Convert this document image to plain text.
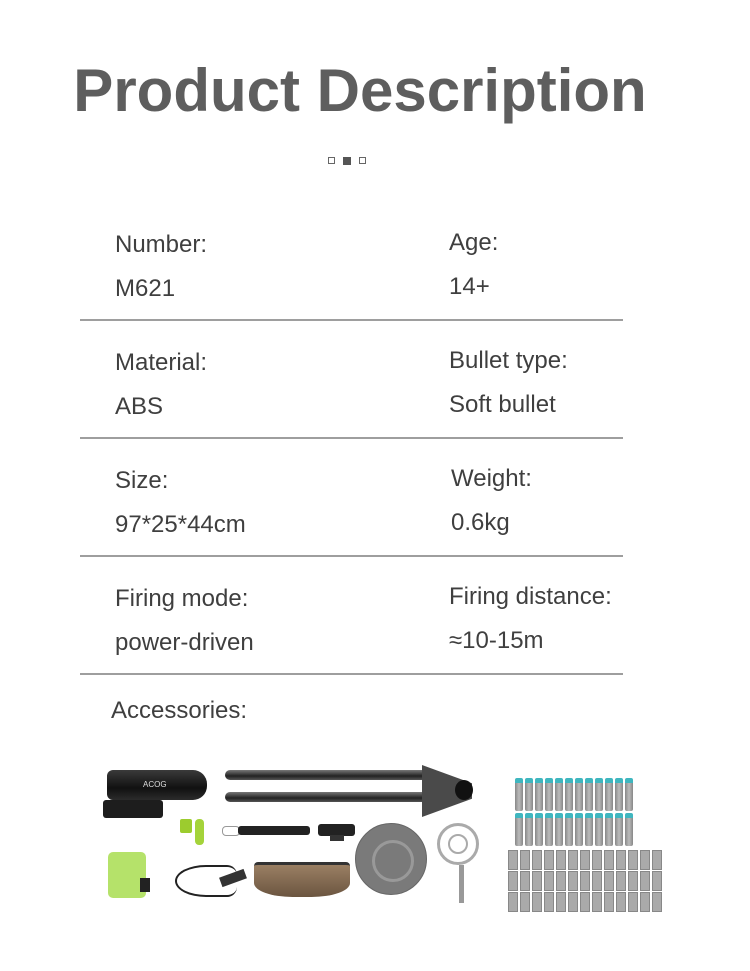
Product Description
Number:
M621
Age:
14+
Material:
ABS
Bullet type:
Soft bullet
Size:
97*25*44cm
Weight:
0.6kg
Firing mode:
power-driven
Firing distance:
≈10-15m
Accessories:
ACOG
